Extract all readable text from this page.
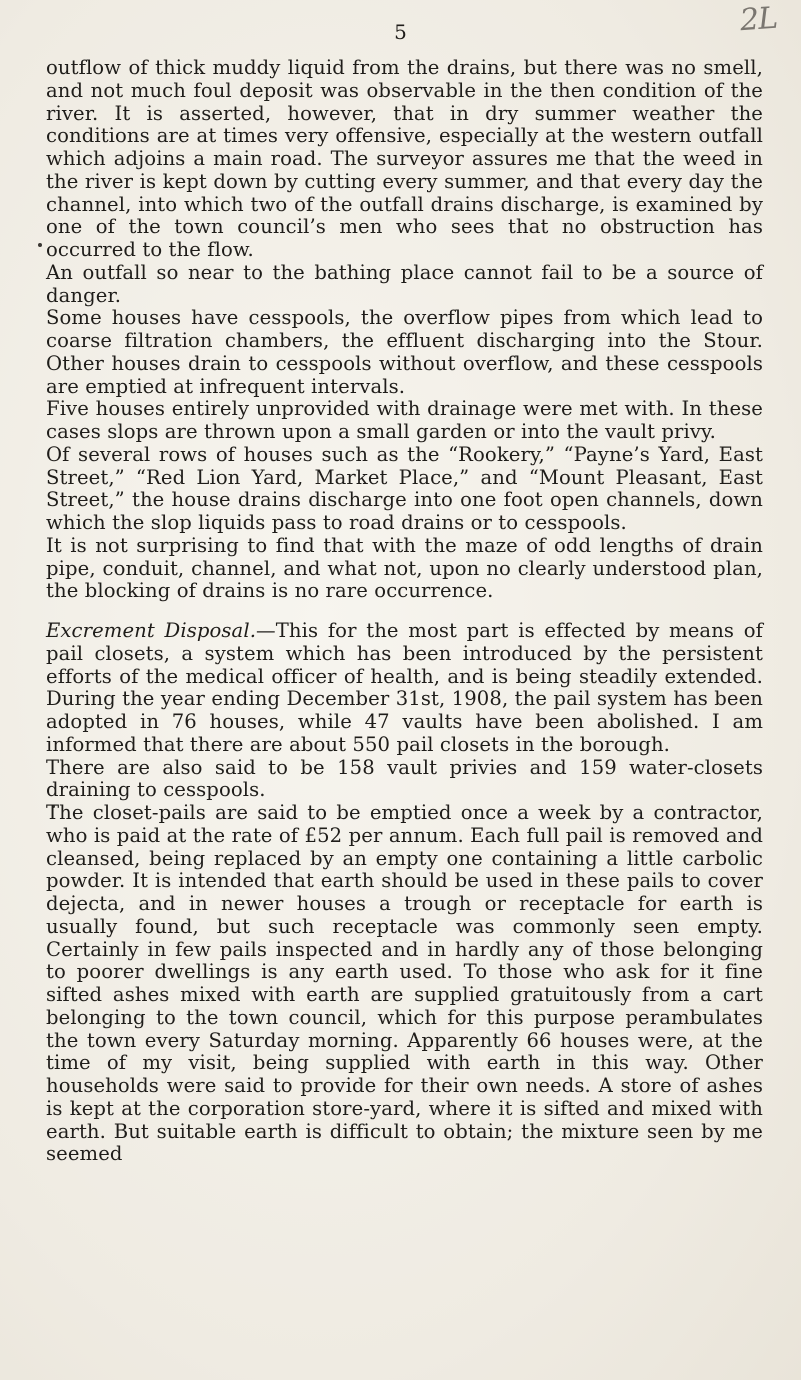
2L
5

outflow of thick muddy liquid from the drains, but there was no smell, and not much foul deposit was observable in the then condition of the river. It is asserted, however, that in dry summer weather the conditions are at times very offensive, especially at the western outfall which adjoins a main road. The surveyor assures me that the weed in the river is kept down by cutting every summer, and that every day the channel, into which two of the outfall drains discharge, is examined by one of the town council’s men who sees that no obstruction has occurred to the flow.

An outfall so near to the bathing place cannot fail to be a source of danger.

Some houses have cesspools, the overflow pipes from which lead to coarse filtration chambers, the effluent discharging into the Stour. Other houses drain to cesspools without overflow, and these cesspools are emptied at infrequent intervals.

Five houses entirely unprovided with drainage were met with. In these cases slops are thrown upon a small garden or into the vault privy.

Of several rows of houses such as the “Rookery,” “Payne’s Yard, East Street,” “Red Lion Yard, Market Place,” and “Mount Pleasant, East Street,” the house drains discharge into one foot open channels, down which the slop liquids pass to road drains or to cesspools.

It is not surprising to find that with the maze of odd lengths of drain pipe, conduit, channel, and what not, upon no clearly understood plan, the blocking of drains is no rare occurrence.

Excrement Disposal.—This for the most part is effected by means of pail closets, a system which has been introduced by the persistent efforts of the medical officer of health, and is being steadily extended. During the year ending December 31st, 1908, the pail system has been adopted in 76 houses, while 47 vaults have been abolished. I am informed that there are about 550 pail closets in the borough.

There are also said to be 158 vault privies and 159 water-closets draining to cesspools.

The closet-pails are said to be emptied once a week by a contractor, who is paid at the rate of £52 per annum. Each full pail is removed and cleansed, being replaced by an empty one containing a little carbolic powder. It is intended that earth should be used in these pails to cover dejecta, and in newer houses a trough or receptacle for earth is usually found, but such receptacle was commonly seen empty. Certainly in few pails inspected and in hardly any of those belonging to poorer dwellings is any earth used. To those who ask for it fine sifted ashes mixed with earth are supplied gratuitously from a cart belonging to the town council, which for this purpose perambulates the town every Saturday morning. Apparently 66 houses were, at the time of my visit, being supplied with earth in this way. Other households were said to provide for their own needs. A store of ashes is kept at the corporation store-yard, where it is sifted and mixed with earth. But suitable earth is difficult to obtain; the mixture seen by me seemed
